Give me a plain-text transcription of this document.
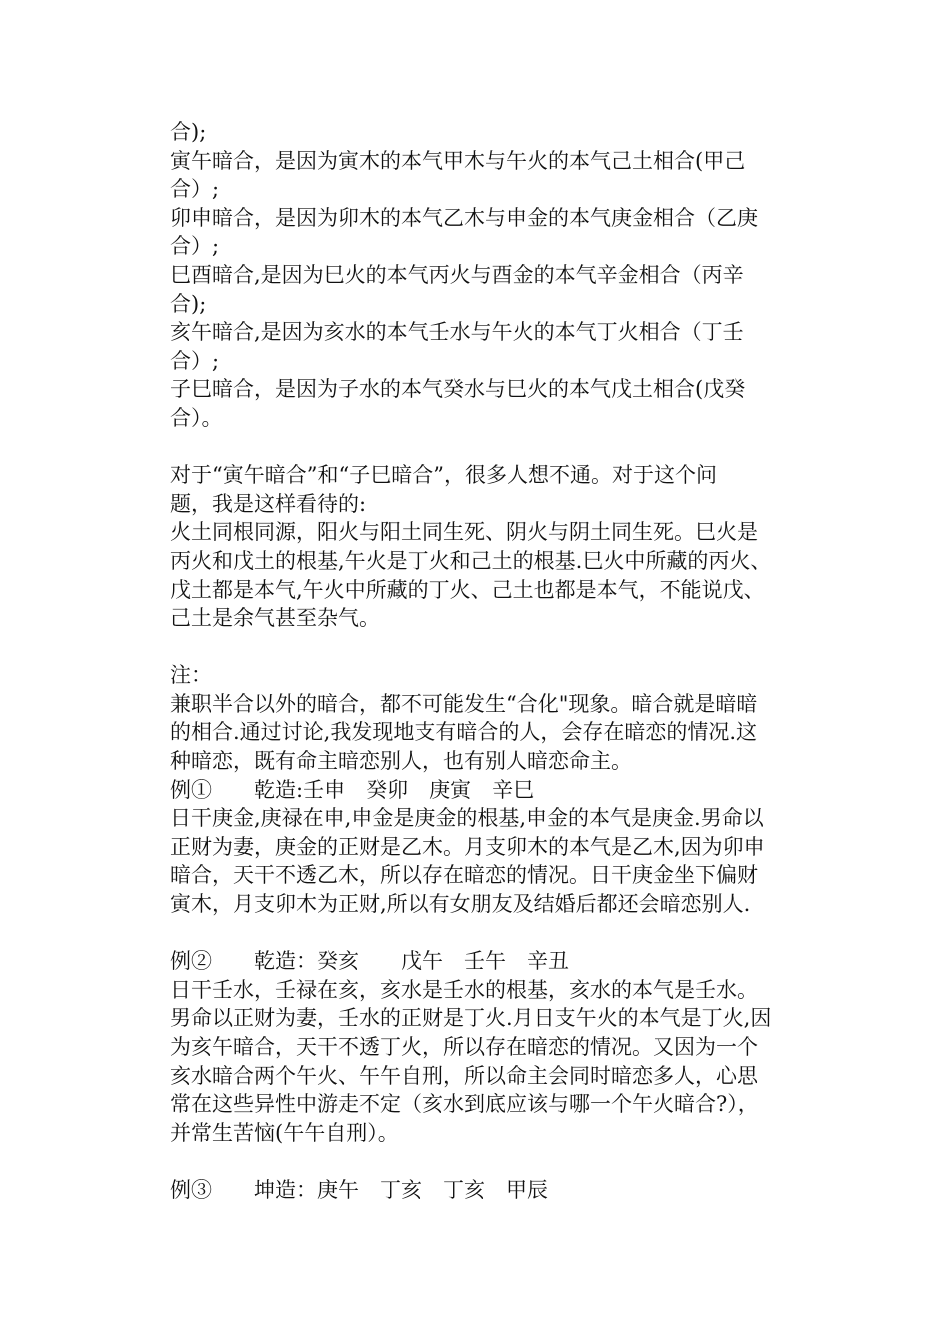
合);
寅午暗合，是因为寅木的本气甲木与午火的本气己土相合(甲己
合）;
卯申暗合，是因为卯木的本气乙木与申金的本气庚金相合（乙庚
合）;
巳酉暗合,是因为巳火的本气丙火与酉金的本气辛金相合（丙辛
合);
亥午暗合,是因为亥水的本气壬水与午火的本气丁火相合（丁壬
合）;
子巳暗合，是因为子水的本气癸水与巳火的本气戊土相合(戊癸
合）。
对于“寅午暗合”和“子巳暗合”，很多人想不通。对于这个问
题，我是这样看待的:
火土同根同源，阳火与阳土同生死、阴火与阴土同生死。巳火是
丙火和戊土的根基,午火是丁火和己土的根基.巳火中所藏的丙火、
戊土都是本气,午火中所藏的丁火、己土也都是本气，不能说戊、
己土是余气甚至杂气。
注：
兼职半合以外的暗合，都不可能发生“合化"现象。暗合就是暗暗
的相合.通过讨论,我发现地支有暗合的人，会存在暗恋的情况.这
种暗恋，既有命主暗恋别人，也有别人暗恋命主。
例①　　乾造:壬申　癸卯　庚寅　辛巳
日干庚金,庚禄在申,申金是庚金的根基,申金的本气是庚金.男命以
正财为妻，庚金的正财是乙木。月支卯木的本气是乙木,因为卯申
暗合，天干不透乙木，所以存在暗恋的情况。日干庚金坐下偏财
寅木，月支卯木为正财,所以有女朋友及结婚后都还会暗恋别人.
例②　　乾造：癸亥　　戊午　壬午　辛丑
日干壬水，壬禄在亥，亥水是壬水的根基，亥水的本气是壬水。
男命以正财为妻，壬水的正财是丁火.月日支午火的本气是丁火,因
为亥午暗合，天干不透丁火，所以存在暗恋的情况。又因为一个
亥水暗合两个午火、午午自刑，所以命主会同时暗恋多人，心思
常在这些异性中游走不定（亥水到底应该与哪一个午火暗合?），
并常生苦恼(午午自刑）。
例③　　坤造：庚午　丁亥　丁亥　甲辰
